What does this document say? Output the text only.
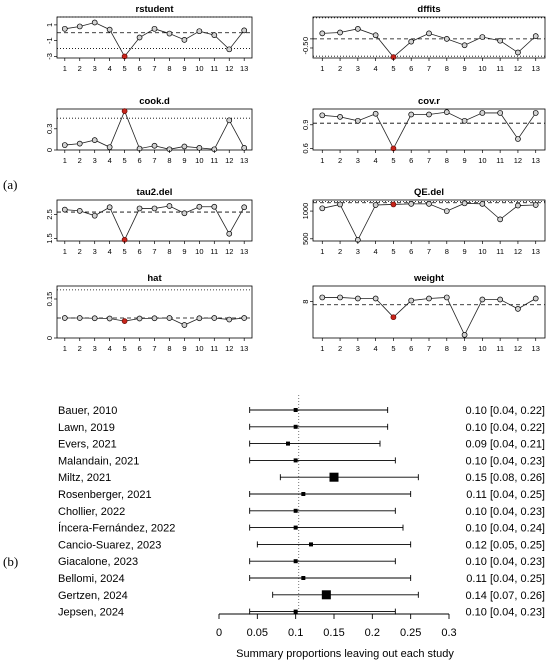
(a)
(b)
rstudent
1 2 3 4 5 6 7 8 9 10 11 12 13
-3
-1
1
dffits
1 2 3 4 5 6 7 8 9 10 11 12 13
-0.5
0
cook.d
1 2 3 4 5 6 7 8 9 10 11 12 13
0
0.3
cov.r
1 2 3 4 5 6 7 8 9 10 11 12 13
0.6
0.9
tau2.del
1 2 3 4 5 6 7 8 9 10 11 12 13
1.5
2.5
QE.del
1 2 3 4 5 6 7 8 9 10 11 12 13
500
1000
hat
1 2 3 4 5 6 7 8 9 10 11 12 13
0
0.15
weight
1 2 3 4 5 6 7 8 9 10 11 12 13
8
Bauer, 2010	0.10 [0.04, 0.22]
Lawn, 2019	0.10 [0.04, 0.22]
Evers, 2021	0.09 [0.04, 0.21]
Malandain, 2021	0.10 [0.04, 0.23]
Miltz, 2021	0.15 [0.08, 0.26]
Rosenberger, 2021	0.11 [0.04, 0.25]
Chollier, 2022	0.10 [0.04, 0.23]
Íncera-Fernández, 2022	0.10 [0.04, 0.24]
Cancio-Suarez, 2023	0.12 [0.05, 0.25]
Giacalone, 2023	0.10 [0.04, 0.23]
Bellomi, 2024	0.11 [0.04, 0.25]
Gertzen, 2024	0.14 [0.07, 0.26]
Jepsen, 2024	0.10 [0.04, 0.23]
0 0.05 0.1 0.15 0.2 0.25 0.3
Summary proportions leaving out each study
